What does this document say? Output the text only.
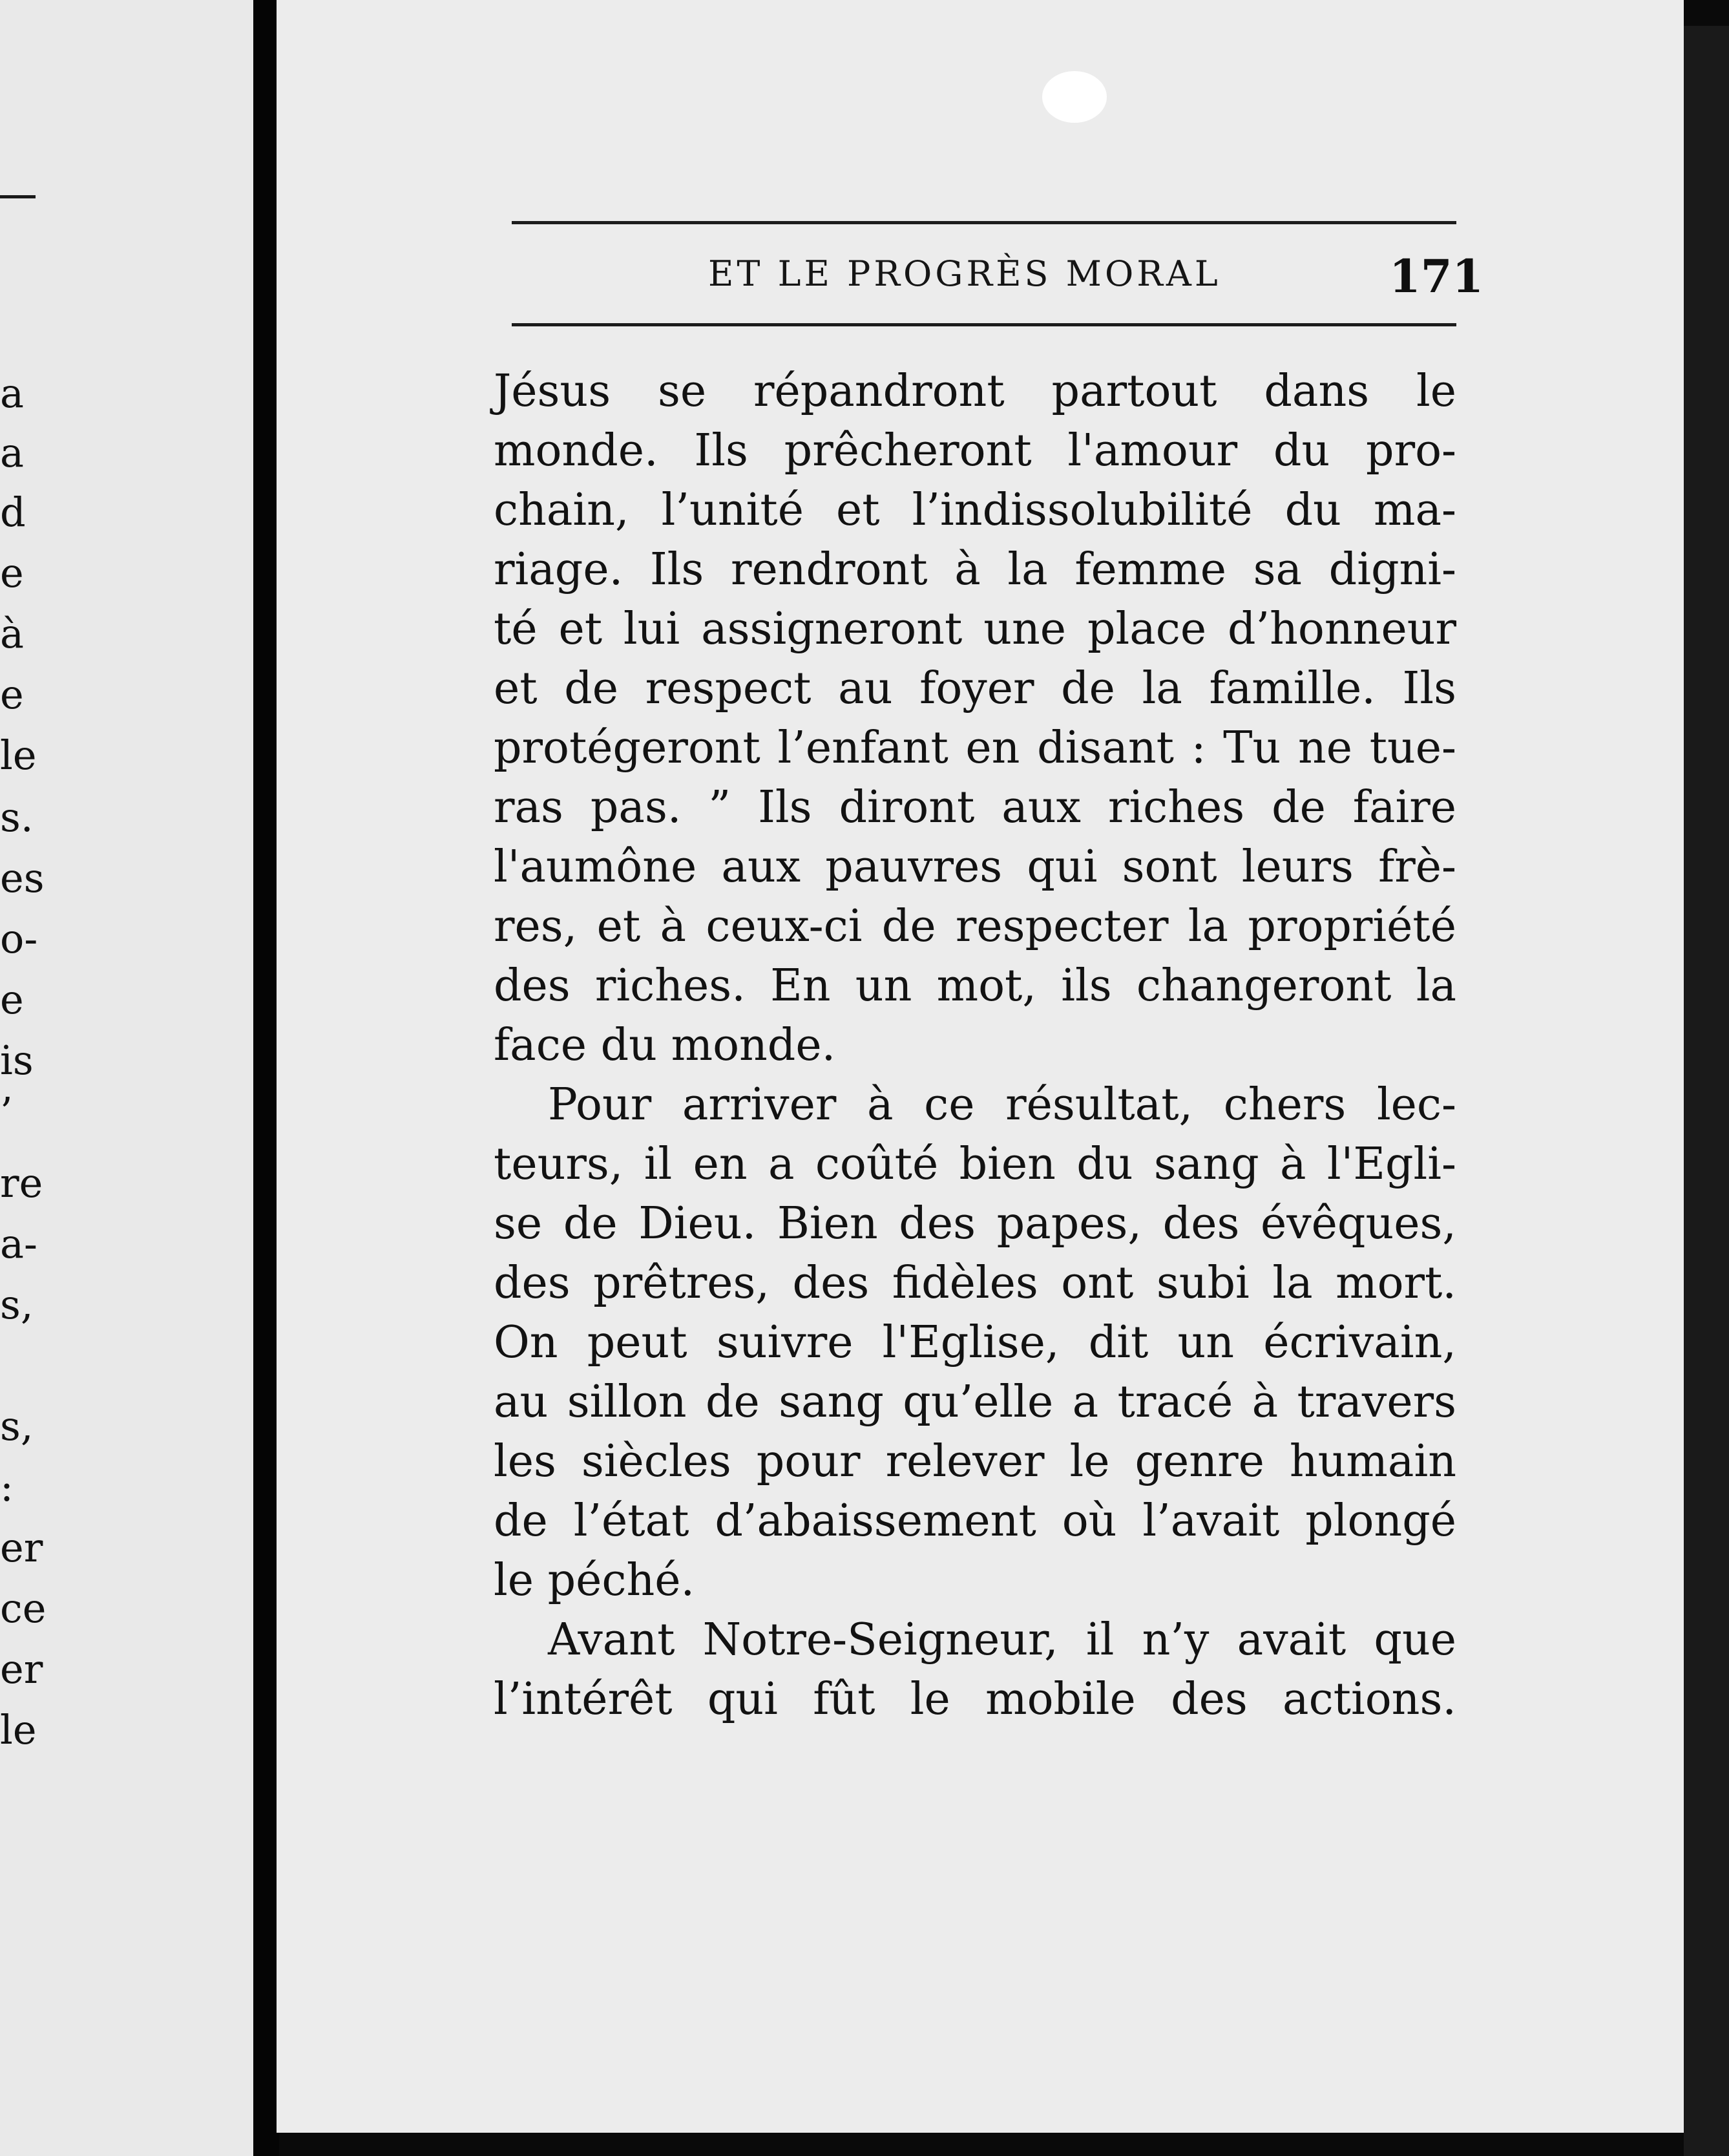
a
a
d
e
à
e
le
s.
es
o-
e
is
’
re
a-
s,
s,
:
er
ce
er
le
ET LE PROGRÈS MORAL	171
Jésus se répandront partout dans le
monde. Ils prêcheront l'amour du pro-
chain, l’unité et l’indissolubilité du ma-
riage. Ils rendront à la femme sa digni-
té et lui assigneront une place d’honneur
et de respect au foyer de la famille. Ils
protégeront l’enfant en disant : Tu ne tue-
ras pas. ” Ils diront aux riches de faire
l'aumône aux pauvres qui sont leurs frè-
res, et à ceux-ci de respecter la propriété
des riches. En un mot, ils changeront la
face du monde.
Pour arriver à ce résultat, chers lec-
teurs, il en a coûté bien du sang à l'Egli-
se de Dieu. Bien des papes, des évêques,
des prêtres, des fidèles ont subi la mort.
On peut suivre l'Eglise, dit un écrivain,
au sillon de sang qu’elle a tracé à travers
les siècles pour relever le genre humain
de l’état d’abaissement où l’avait plongé
le péché.
Avant Notre-Seigneur, il n’y avait que
l’intérêt qui fût le mobile des actions.
